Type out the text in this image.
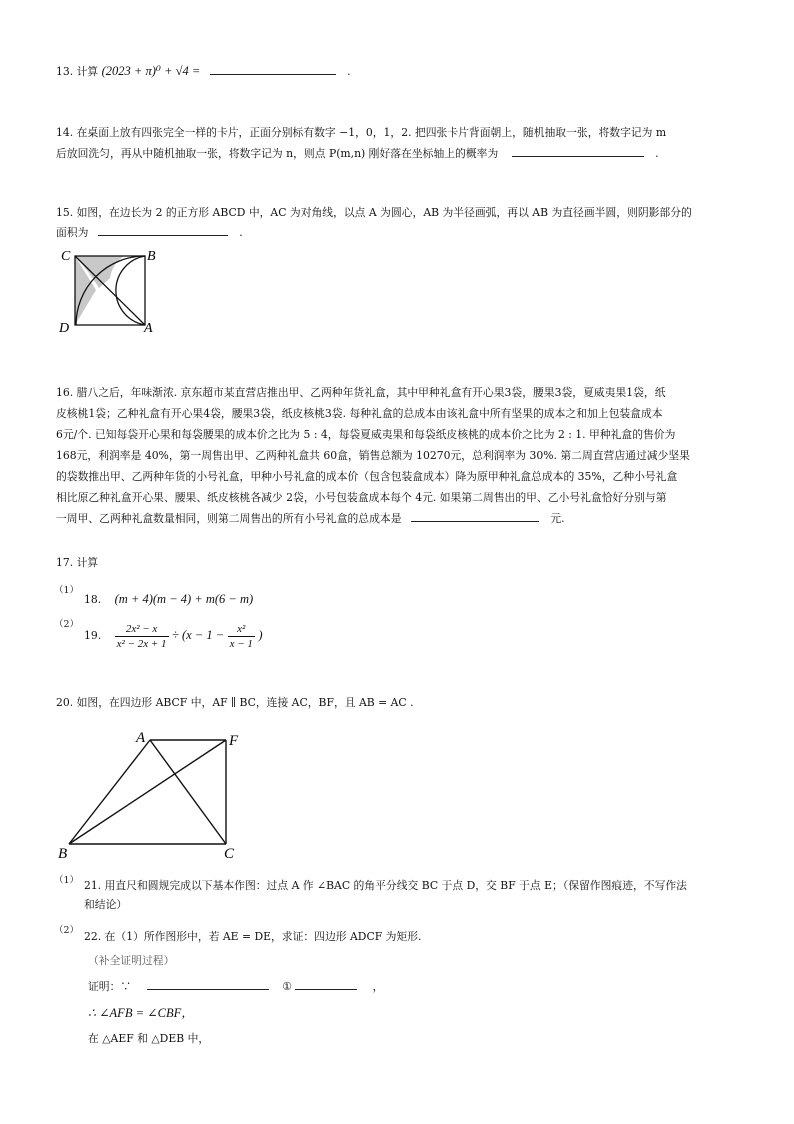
13. 计算 (2023 + π)⁰ + √4 =	.
14. 在桌面上放有四张完全一样的卡片，正面分别标有数字 −1，0，1，2. 把四张卡片背面朝上，随机抽取一张，将数字记为 m
后放回洗匀，再从中随机抽取一张，将数字记为 n，则点 P(m,n) 刚好落在坐标轴上的概率为	.
15. 如图，在边长为 2 的正方形 ABCD 中，AC 为对角线，以点 A 为圆心，AB 为半径画弧，再以 AB 为直径画半圆，则阴影部分的
面积为	.
C	B
D	A
16. 腊八之后，年味渐浓. 京东超市某直营店推出甲、乙两种年货礼盒，其中甲种礼盒有开心果3袋，腰果3袋，夏威夷果1袋，纸
皮核桃1袋；乙种礼盒有开心果4袋，腰果3袋，纸皮核桃3袋. 每种礼盒的总成本由该礼盒中所有坚果的成本之和加上包装盒成本
6元/个. 已知每袋开心果和每袋腰果的成本价之比为 5 : 4，每袋夏威夷果和每袋纸皮核桃的成本价之比为 2 : 1. 甲种礼盒的售价为
168元，利润率是 40%，第一周售出甲、乙两种礼盒共 60盒，销售总额为 10270元，总利润率为 30%. 第二周直营店通过减少坚果
的袋数推出甲、乙两种年货的小号礼盒，甲种小号礼盒的成本价（包含包装盒成本）降为原甲种礼盒总成本的 35%，乙种小号礼盒
相比原乙种礼盒开心果、腰果、纸皮核桃各减少 2袋，小号包装盒成本每个 4元. 如果第二周售出的甲、乙小号礼盒恰好分别与第
一周甲、乙两种礼盒数量相同，则第二周售出的所有小号礼盒的总成本是	元.
17. 计算
（1）
18. (m + 4)(m − 4) + m(6 − m)
（2）
19. $\frac{\text{2x² − x}}{\text{x² − 2x + 1}} \div (x - 1 - \frac{\text{x²}}{x - 1}$ )
20. 如图，在四边形 ABCF 中，AF ∥ BC，连接 AC，BF，且 AB = AC .
A	F
B	C
（1） 21. 用直尺和圆规完成以下基本作图：过点 A 作 ∠BAC 的角平分线交 BC 于点 D，交 BF 于点 E；（保留作图痕迹，不写作法
和结论）
（2） 22. 在（1）所作图形中，若 AE = DE，求证：四边形 ADCF 为矩形.
（补全证明过程）
证明：∵	①	，
∴ ∠AFB = ∠CBF，
在 △AEF 和 △DEB 中，
